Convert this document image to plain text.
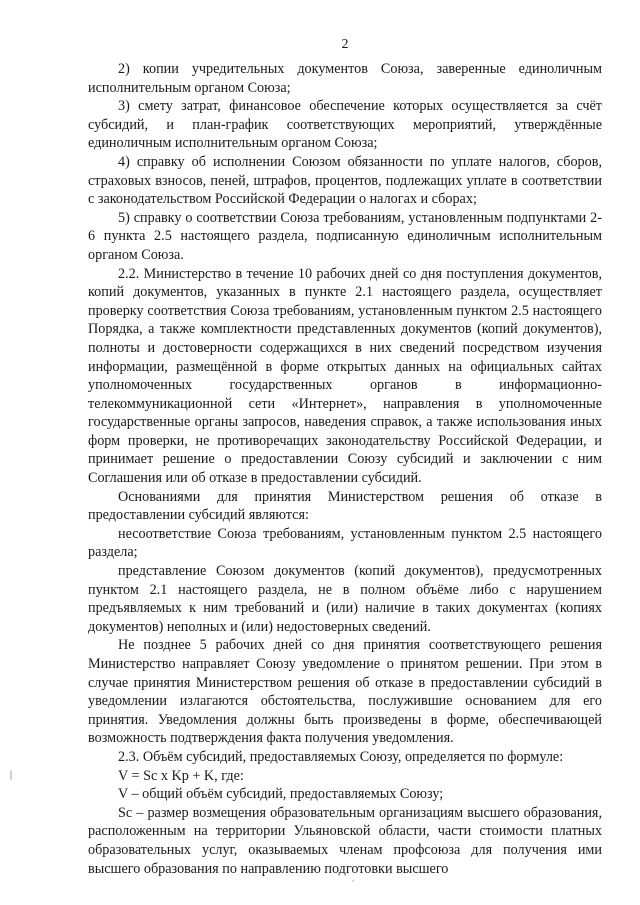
2

2) копии учредительных документов Союза, заверенные единоличным исполнительным органом Союза;

3) смету затрат, финансовое обеспечение которых осуществляется за счёт субсидий, и план-график соответствующих мероприятий, утверждённые единоличным исполнительным органом Союза;

4) справку об исполнении Союзом обязанности по уплате налогов, сборов, страховых взносов, пеней, штрафов, процентов, подлежащих уплате в соответствии с законодательством Российской Федерации о налогах и сборах;

5) справку о соответствии Союза требованиям, установленным подпунктами 2-6 пункта 2.5 настоящего раздела, подписанную единоличным исполнительным органом Союза.

2.2. Министерство в течение 10 рабочих дней со дня поступления документов, копий документов, указанных в пункте 2.1 настоящего раздела, осуществляет проверку соответствия Союза требованиям, установленным пунктом 2.5 настоящего Порядка, а также комплектности представленных документов (копий документов), полноты и достоверности содержащихся в них сведений посредством изучения информации, размещённой в форме открытых данных на официальных сайтах уполномоченных государственных органов в информационно-телекоммуникационной сети «Интернет», направления в уполномоченные государственные органы запросов, наведения справок, а также использования иных форм проверки, не противоречащих законодательству Российской Федерации, и принимает решение о предоставлении Союзу субсидий и заключении с ним Соглашения или об отказе в предоставлении субсидий.

Основаниями для принятия Министерством решения об отказе в предоставлении субсидий являются:

несоответствие Союза требованиям, установленным пунктом 2.5 настоящего раздела;

представление Союзом документов (копий документов), предусмотренных пунктом 2.1 настоящего раздела, не в полном объёме либо с нарушением предъявляемых к ним требований и (или) наличие в таких документах (копиях документов) неполных и (или) недостоверных сведений.

Не позднее 5 рабочих дней со дня принятия соответствующего решения Министерство направляет Союзу уведомление о принятом решении. При этом в случае принятия Министерством решения об отказе в предоставлении субсидий в уведомлении излагаются обстоятельства, послужившие основанием для его принятия. Уведомления должны быть произведены в форме, обеспечивающей возможность подтверждения факта получения уведомления.

2.3. Объём субсидий, предоставляемых Союзу, определяется по формуле:

V = Sc x Kp + K, где:

V – общий объём субсидий, предоставляемых Союзу;

Sc – размер возмещения образовательным организациям высшего образования, расположенным на территории Ульяновской области, части стоимости платных образовательных услуг, оказываемых членам профсоюза для получения ими высшего образования по направлению подготовки высшего
